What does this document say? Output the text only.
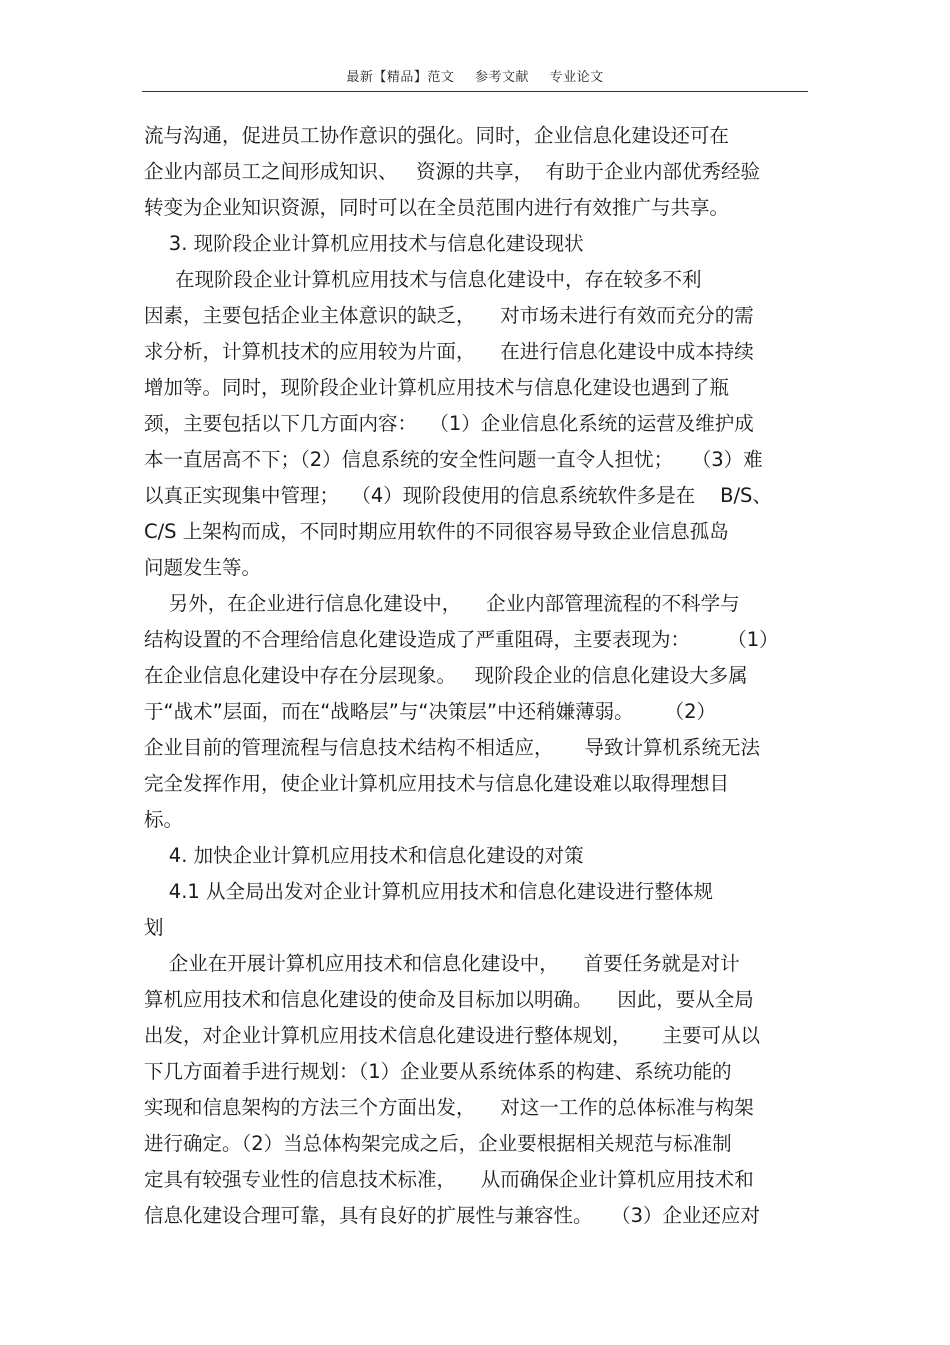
最新【精品】范文 参考文献 专业论文
流与沟通，促进员工协作意识的强化。同时，企业信息化建设还可在
企业内部员工之间形成知识、   资源的共享，  有助于企业内部优秀经验
转变为企业知识资源，同时可以在全员范围内进行有效推广与共享。
3. 现阶段企业计算机应用技术与信息化建设现状
在现阶段企业计算机应用技术与信息化建设中，存在较多不利
因素，主要包括企业主体意识的缺乏，    对市场未进行有效而充分的需
求分析，计算机技术的应用较为片面，    在进行信息化建设中成本持续
增加等。同时，现阶段企业计算机应用技术与信息化建设也遇到了瓶
颈，主要包括以下几方面内容：  （1）企业信息化系统的运营及维护成
本一直居高不下；（2）信息系统的安全性问题一直令人担忧；   （3）难
以真正实现集中管理；  （4）现阶段使用的信息系统软件多是在    B/S、
C/S 上架构而成，不同时期应用软件的不同很容易导致企业信息孤岛
问题发生等。
另外，在企业进行信息化建设中，    企业内部管理流程的不科学与
结构设置的不合理给信息化建设造成了严重阻碍，主要表现为：      （1）
在企业信息化建设中存在分层现象。   现阶段企业的信息化建设大多属
于“战术”层面，而在“战略层”与“决策层”中还稍嫌薄弱。     （2）
企业目前的管理流程与信息技术结构不相适应，     导致计算机系统无法
完全发挥作用，使企业计算机应用技术与信息化建设难以取得理想目
标。
4. 加快企业计算机应用技术和信息化建设的对策
4.1 从全局出发对企业计算机应用技术和信息化建设进行整体规
划
企业在开展计算机应用技术和信息化建设中，    首要任务就是对计
算机应用技术和信息化建设的使命及目标加以明确。    因此，要从全局
出发，对企业计算机应用技术信息化建设进行整体规划，     主要可从以
下几方面着手进行规划：（1）企业要从系统体系的构建、系统功能的
实现和信息架构的方法三个方面出发，    对这一工作的总体标准与构架
进行确定。（2）当总体构架完成之后，企业要根据相关规范与标准制
定具有较强专业性的信息技术标准，    从而确保企业计算机应用技术和
信息化建设合理可靠，具有良好的扩展性与兼容性。   （3）企业还应对
